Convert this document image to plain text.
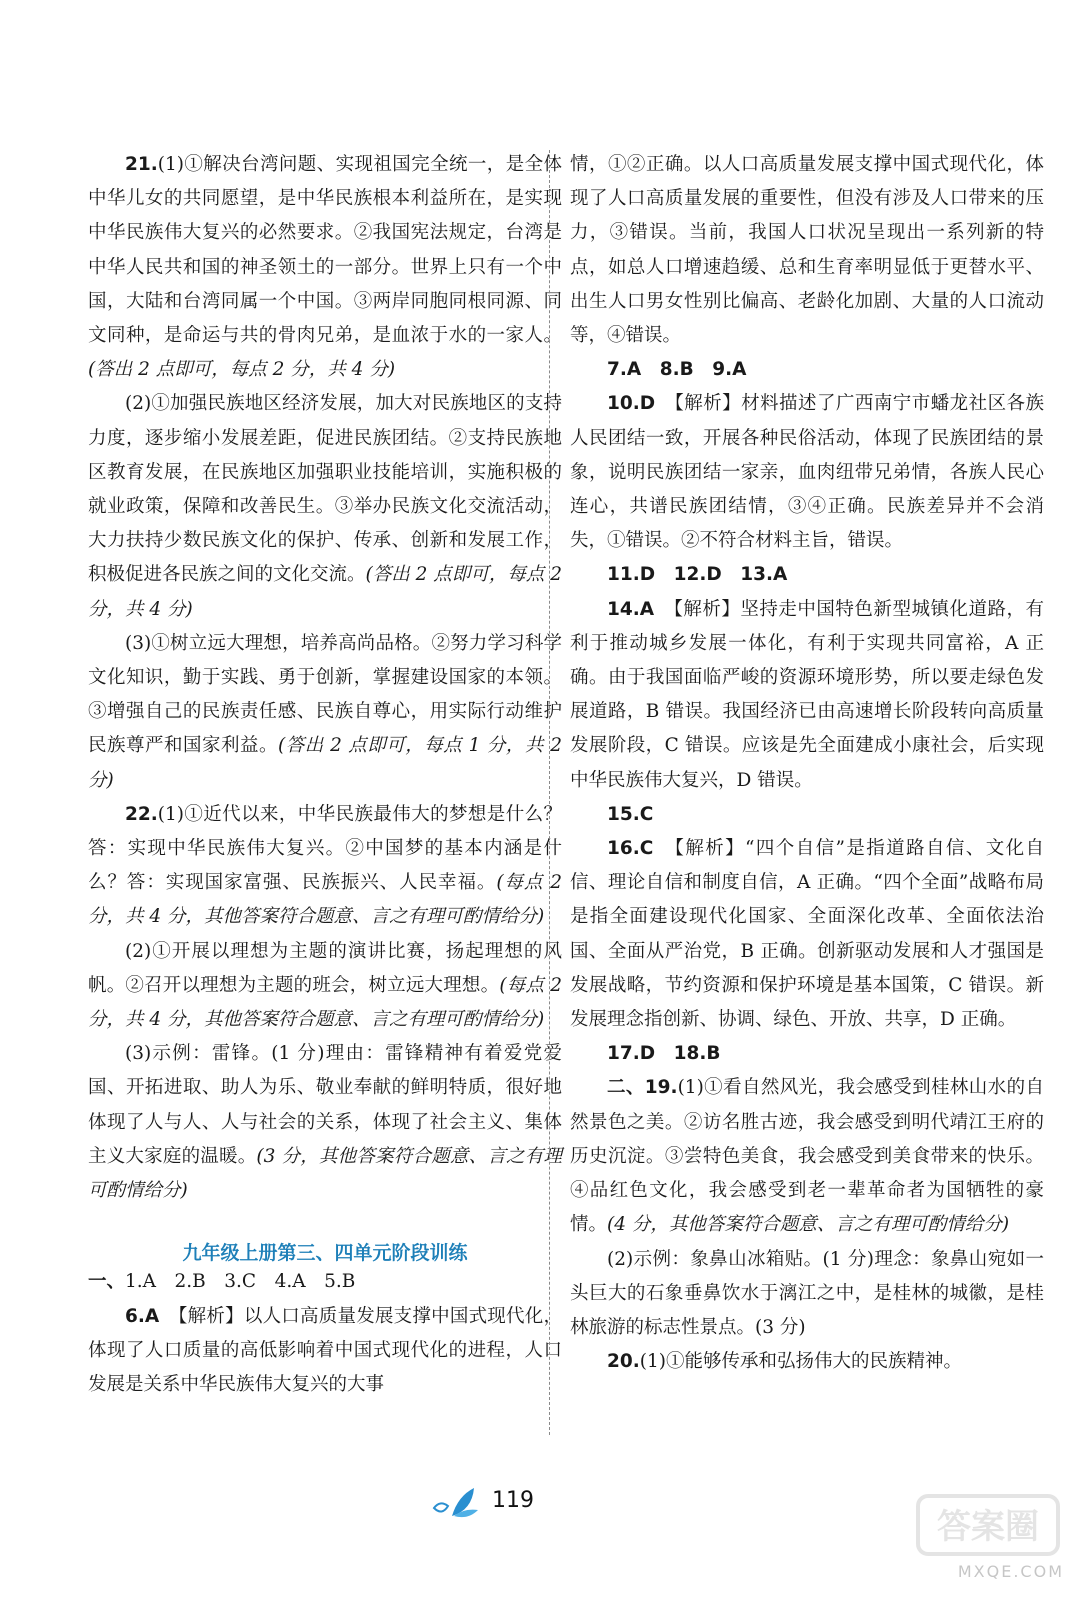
21.(1)①解决台湾问题、实现祖国完全统一，是全体中华儿女的共同愿望，是中华民族根本利益所在，是实现中华民族伟大复兴的必然要求。②我国宪法规定，台湾是中华人民共和国的神圣领土的一部分。世界上只有一个中国，大陆和台湾同属一个中国。③两岸同胞同根同源、同文同种，是命运与共的骨肉兄弟，是血浓于水的一家人。(答出 2 点即可，每点 2 分，共 4 分)

(2)①加强民族地区经济发展，加大对民族地区的支持力度，逐步缩小发展差距，促进民族团结。②支持民族地区教育发展，在民族地区加强职业技能培训，实施积极的就业政策，保障和改善民生。③举办民族文化交流活动，大力扶持少数民族文化的保护、传承、创新和发展工作，积极促进各民族之间的文化交流。(答出 2 点即可，每点 2 分，共 4 分)

(3)①树立远大理想，培养高尚品格。②努力学习科学文化知识，勤于实践、勇于创新，掌握建设国家的本领。③增强自己的民族责任感、民族自尊心，用实际行动维护民族尊严和国家利益。(答出 2 点即可，每点 1 分，共 2 分)

22.(1)①近代以来，中华民族最伟大的梦想是什么？答：实现中华民族伟大复兴。②中国梦的基本内涵是什么？答：实现国家富强、民族振兴、人民幸福。(每点 2 分，共 4 分，其他答案符合题意、言之有理可酌情给分)

(2)①开展以理想为主题的演讲比赛，扬起理想的风帆。②召开以理想为主题的班会，树立远大理想。(每点 2 分，共 4 分，其他答案符合题意、言之有理可酌情给分)

(3)示例：雷锋。(1 分)理由：雷锋精神有着爱党爱国、开拓进取、助人为乐、敬业奉献的鲜明特质，很好地体现了人与人、人与社会的关系，体现了社会主义、集体主义大家庭的温暖。(3 分，其他答案符合题意、言之有理可酌情给分)

九年级上册第三、四单元阶段训练

一、1.A　2.B　3.C　4.A　5.B

6.A　【解析】以人口高质量发展支撑中国式现代化，体现了人口质量的高低影响着中国式现代化的进程，人口发展是关系中华民族伟大复兴的大事

情，①②正确。以人口高质量发展支撑中国式现代化，体现了人口高质量发展的重要性，但没有涉及人口带来的压力，③错误。当前，我国人口状况呈现出一系列新的特点，如总人口增速趋缓、总和生育率明显低于更替水平、出生人口男女性别比偏高、老龄化加剧、大量的人口流动等，④错误。

7.A　8.B　9.A

10.D　【解析】材料描述了广西南宁市蟠龙社区各族人民团结一致，开展各种民俗活动，体现了民族团结的景象，说明民族团结一家亲，血肉纽带兄弟情，各族人民心连心，共谱民族团结情，③④正确。民族差异并不会消失，①错误。②不符合材料主旨，错误。

11.D　12.D　13.A

14.A　【解析】坚持走中国特色新型城镇化道路，有利于推动城乡发展一体化，有利于实现共同富裕，A 正确。由于我国面临严峻的资源环境形势，所以要走绿色发展道路，B 错误。我国经济已由高速增长阶段转向高质量发展阶段，C 错误。应该是先全面建成小康社会，后实现中华民族伟大复兴，D 错误。

15.C

16.C　【解析】“四个自信”是指道路自信、文化自信、理论自信和制度自信，A 正确。“四个全面”战略布局是指全面建设现代化国家、全面深化改革、全面依法治国、全面从严治党，B 正确。创新驱动发展和人才强国是发展战略，节约资源和保护环境是基本国策，C 错误。新发展理念指创新、协调、绿色、开放、共享，D 正确。

17.D　18.B

二、19.(1)①看自然风光，我会感受到桂林山水的自然景色之美。②访名胜古迹，我会感受到明代靖江王府的历史沉淀。③尝特色美食，我会感受到美食带来的快乐。④品红色文化，我会感受到老一辈革命者为国牺牲的豪情。(4 分，其他答案符合题意、言之有理可酌情给分)

(2)示例：象鼻山冰箱贴。(1 分)理念：象鼻山宛如一头巨大的石象垂鼻饮水于漓江之中，是桂林的城徽，是桂林旅游的标志性景点。(3 分)

20.(1)①能够传承和弘扬伟大的民族精神。

119
答案圈
MXQE.COM
